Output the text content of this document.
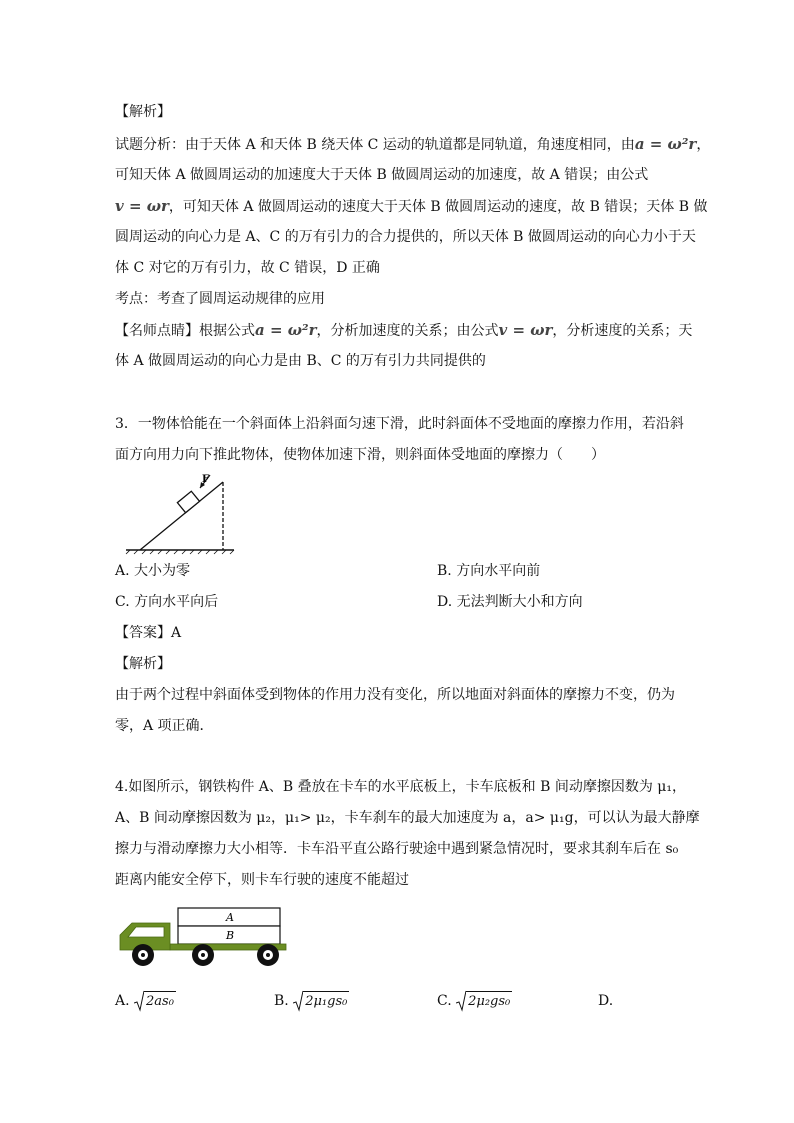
【解析】
试题分析：由于天体 A 和天体 B 绕天体 C 运动的轨道都是同轨道，角速度相同，由a = ω²r，
可知天体 A 做圆周运动的加速度大于天体 B 做圆周运动的加速度，故 A 错误；由公式
v = ωr，可知天体 A 做圆周运动的速度大于天体 B 做圆周运动的速度，故 B 错误；天体 B 做
圆周运动的向心力是 A、C 的万有引力的合力提供的，所以天体 B 做圆周运动的向心力小于天
体 C 对它的万有引力，故 C 错误，D 正确
考点：考查了圆周运动规律的应用
【名师点睛】根据公式a = ω²r，分析加速度的关系；由公式v = ωr，分析速度的关系；天
体 A 做圆周运动的向心力是由 B、C 的万有引力共同提供的
3．一物体恰能在一个斜面体上沿斜面匀速下滑，此时斜面体不受地面的摩擦力作用，若沿斜
面方向用力向下推此物体，使物体加速下滑，则斜面体受地面的摩擦力（　　）
F
A. 大小为零	B. 方向水平向前
C. 方向水平向后	D. 无法判断大小和方向
【答案】A
【解析】
由于两个过程中斜面体受到物体的作用力没有变化，所以地面对斜面体的摩擦力不变，仍为
零，A 项正确．
4.如图所示，钢铁构件 A、B 叠放在卡车的水平底板上，卡车底板和 B 间动摩擦因数为 μ₁，
A、B 间动摩擦因数为 μ₂，μ₁> μ₂，卡车刹车的最大加速度为 a，a> μ₁g，可以认为最大静摩
擦力与滑动摩擦力大小相等．卡车沿平直公路行驶途中遇到紧急情况时，要求其刹车后在 s₀
距离内能安全停下，则卡车行驶的速度不能超过
A
B
A.
2as₀	B.
2μ₁gs₀	C.
2μ₂gs₀	D.
